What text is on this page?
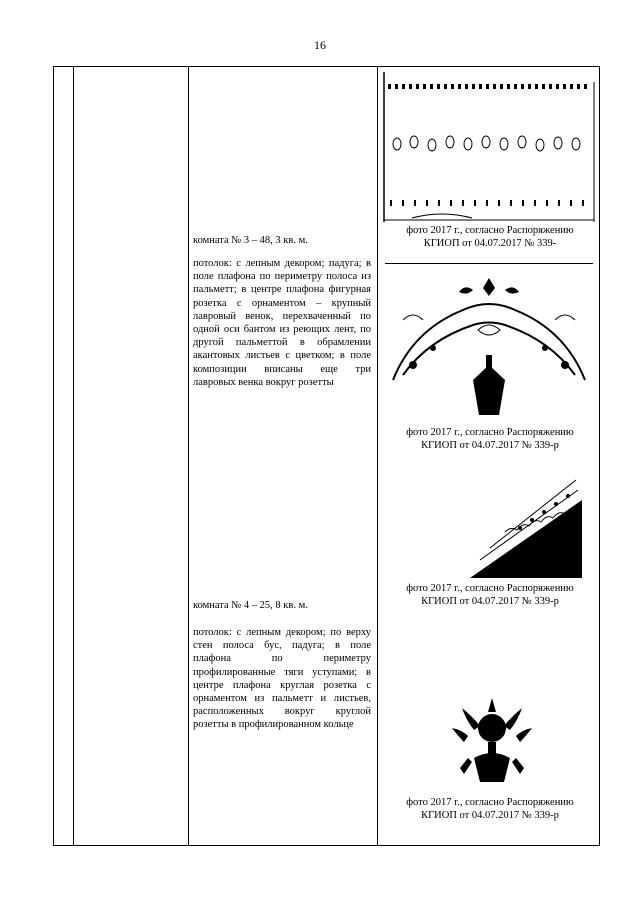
16
фото 2017 г., согласно Распоряжению
КГИОП от 04.07.2017 № 339-
комната № 3 – 48, 3 кв. м.
потолок: с лепным декором; падуга; в поле плафона по периметру полоса из пальметт; в центре плафона фигурная розетка с орнаментом – крупный лавровый венок, перехваченный по одной оси бантом из реющих лент, по другой пальметтой в обрамлении акантовых листьев с цветком; в поле композиции вписаны еще три лавровых венка вокруг розетты
фото 2017 г., согласно Распоряжению
КГИОП от 04.07.2017 № 339-р
фото 2017 г., согласно Распоряжению
КГИОП от 04.07.2017 № 339-р
комната № 4 – 25, 8 кв. м.
потолок: с лепным декором; по верху стен полоса бус, падуга; в поле плафона по периметру профилированные тяги уступами; в центре плафона круглая розетка с орнаментом из пальметт и листьев, расположенных вокруг круглой розетты в профилированном кольце
фото 2017 г., согласно Распоряжению
КГИОП от 04.07.2017 № 339-р
